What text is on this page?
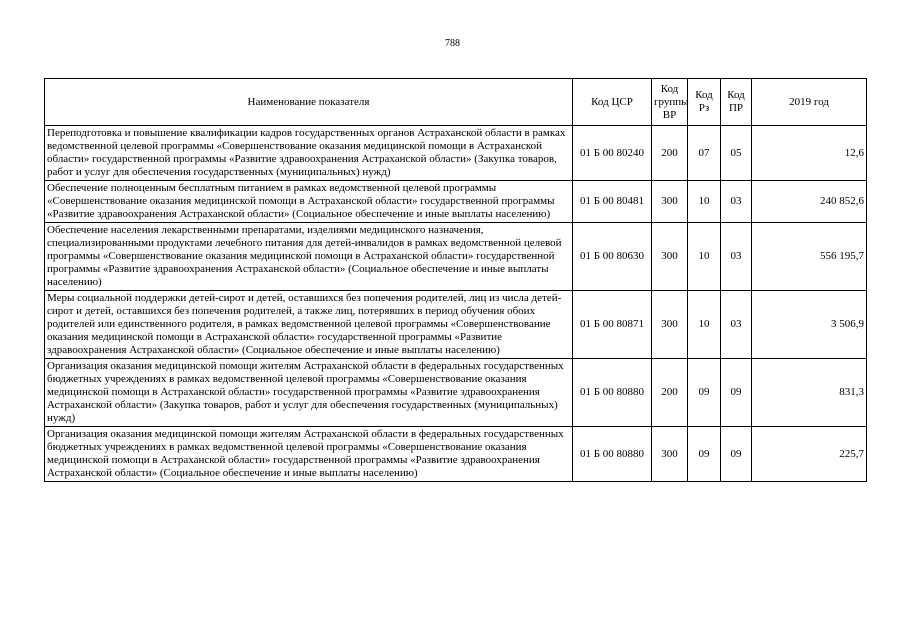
788
Наименование показателя	Код ЦСР	Код группы ВР	Код Рз	Код ПР	2019 год
Переподготовка и повышение квалификации кадров государственных органов Астраханской области в рамках ведомственной целевой программы «Совершенствование оказания медицинской помощи в Астраханской области» государственной программы «Развитие здравоохранения Астраханской области» (Закупка товаров, работ и услуг для обеспечения государственных (муниципальных) нужд)	01 Б 00 80240	200	07	05	12,6
Обеспечение полноценным бесплатным питанием в рамках ведомственной целевой программы «Совершенствование оказания медицинской помощи в Астраханской области» государственной программы «Развитие здравоохранения Астраханской области» (Социальное обеспечение и иные выплаты населению)	01 Б 00 80481	300	10	03	240 852,6
Обеспечение населения лекарственными препаратами, изделиями медицинского назначения, специализированными продуктами лечебного питания для детей-инвалидов в рамках ведомственной целевой программы «Совершенствование оказания медицинской помощи в Астраханской области» государственной программы «Развитие здравоохранения Астраханской области» (Социальное обеспечение и иные выплаты населению)	01 Б 00 80630	300	10	03	556 195,7
Меры социальной поддержки детей-сирот и детей, оставшихся без попечения родителей, лиц из числа детей-сирот и детей, оставшихся без попечения родителей, а также лиц, потерявших в период обучения обоих родителей или единственного родителя, в рамках ведомственной целевой программы «Совершенствование оказания медицинской помощи в Астраханской области» государственной программы «Развитие здравоохранения Астраханской области» (Социальное обеспечение и иные выплаты населению)	01 Б 00 80871	300	10	03	3 506,9
Организация оказания медицинской помощи жителям Астраханской области в федеральных государственных бюджетных учреждениях в рамках ведомственной целевой программы «Совершенствование оказания медицинской помощи в Астраханской области» государственной программы «Развитие здравоохранения Астраханской области» (Закупка товаров, работ и услуг для обеспечения государственных (муниципальных) нужд)	01 Б 00 80880	200	09	09	831,3
Организация оказания медицинской помощи жителям Астраханской области в федеральных государственных бюджетных учреждениях в рамках ведомственной целевой программы «Совершенствование оказания медицинской помощи в Астраханской области» государственной программы «Развитие здравоохранения Астраханской области» (Социальное обеспечение и иные выплаты населению)	01 Б 00 80880	300	09	09	225,7
